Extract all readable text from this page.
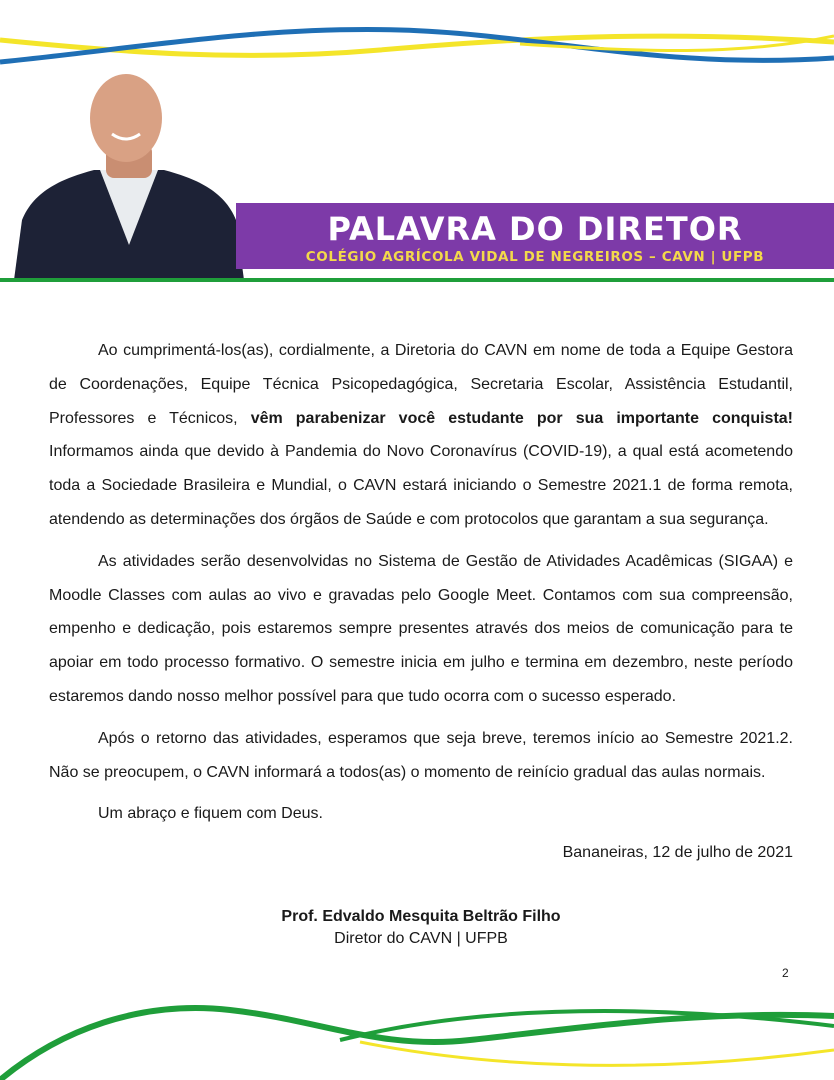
PALAVRA DO DIRETOR
COLÉGIO AGRÍCOLA VIDAL DE NEGREIROS – CAVN | UFPB

Ao cumprimentá-los(as), cordialmente, a Diretoria do CAVN em nome de toda a Equipe Gestora de Coordenações, Equipe Técnica Psicopedagógica, Secretaria Escolar, Assistência Estudantil, Professores e Técnicos, vêm parabenizar você estudante por sua importante conquista! Informamos ainda que devido à Pandemia do Novo Coronavírus (COVID-19), a qual está acometendo toda a Sociedade Brasileira e Mundial, o CAVN estará iniciando o Semestre 2021.1 de forma remota, atendendo as determinações dos órgãos de Saúde e com protocolos que garantam a sua segurança.

As atividades serão desenvolvidas no Sistema de Gestão de Atividades Acadêmicas (SIGAA) e Moodle Classes com aulas ao vivo e gravadas pelo Google Meet. Contamos com sua compreensão, empenho e dedicação, pois estaremos sempre presentes através dos meios de comunicação para te apoiar em todo processo formativo. O semestre inicia em julho e termina em dezembro, neste período estaremos dando nosso melhor possível para que tudo ocorra com o sucesso esperado.

Após o retorno das atividades, esperamos que seja breve, teremos início ao Semestre 2021.2. Não se preocupem, o CAVN informará a todos(as) o momento de reinício gradual das aulas normais.

Um abraço e fiquem com Deus.

Bananeiras, 12 de julho de 2021
Prof. Edvaldo Mesquita Beltrão Filho
Diretor do CAVN | UFPB
2
